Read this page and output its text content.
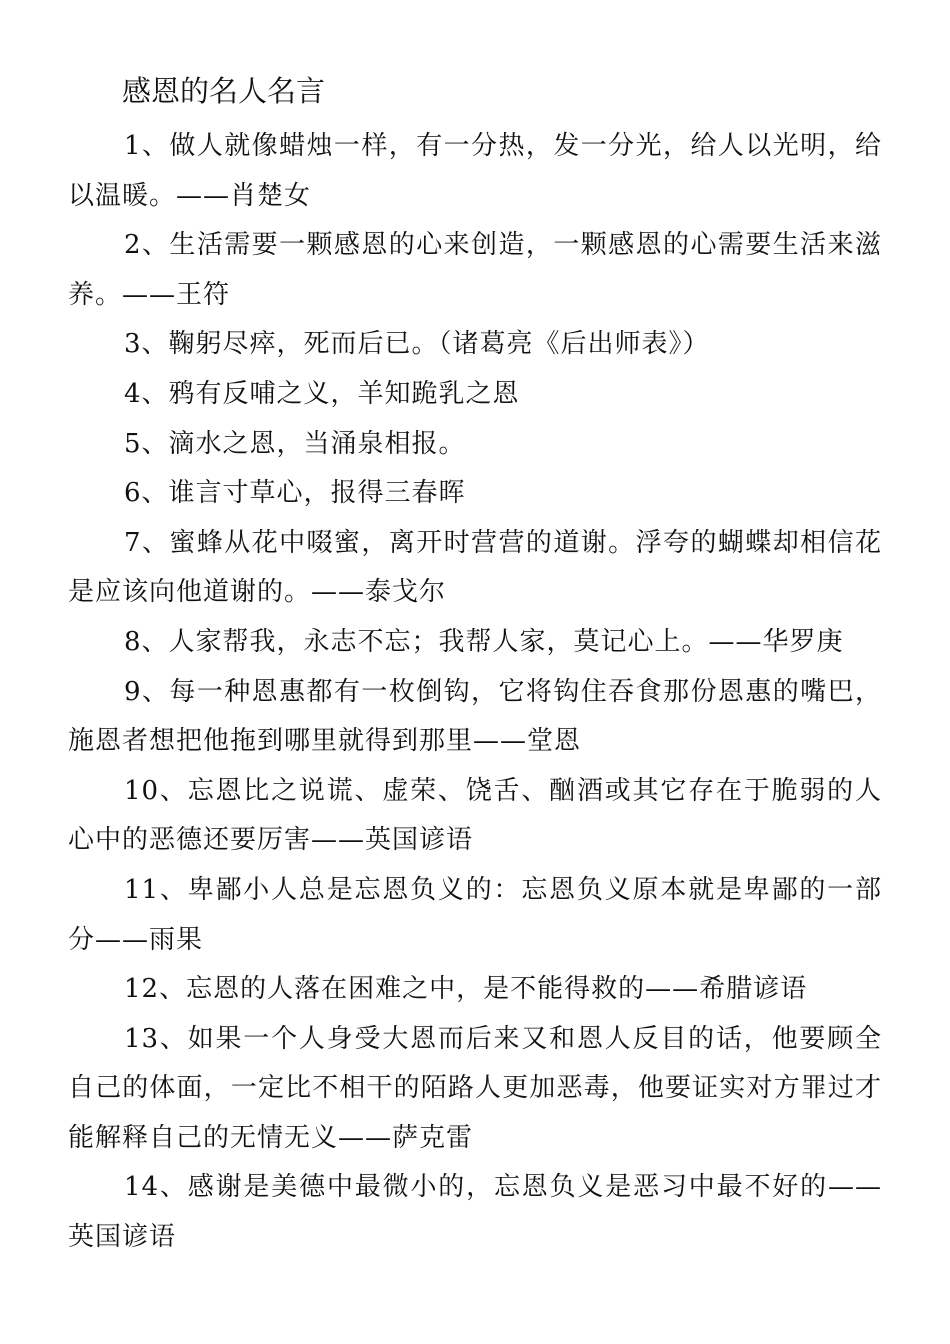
感恩的名人名言

1、做人就像蜡烛一样，有一分热，发一分光，给人以光明，给以温暖。——肖楚女

2、生活需要一颗感恩的心来创造，一颗感恩的心需要生活来滋养。——王符

3、鞠躬尽瘁，死而后已。（诸葛亮《后出师表》）

4、鸦有反哺之义，羊知跪乳之恩

5、滴水之恩，当涌泉相报。

6、谁言寸草心，报得三春晖

7、蜜蜂从花中啜蜜，离开时营营的道谢。浮夸的蝴蝶却相信花是应该向他道谢的。——泰戈尔

8、人家帮我，永志不忘；我帮人家，莫记心上。——华罗庚

9、每一种恩惠都有一枚倒钩，它将钩住吞食那份恩惠的嘴巴，施恩者想把他拖到哪里就得到那里——堂恩

10、忘恩比之说谎、虚荣、饶舌、酗酒或其它存在于脆弱的人心中的恶德还要厉害——英国谚语

11、卑鄙小人总是忘恩负义的：忘恩负义原本就是卑鄙的一部分——雨果

12、忘恩的人落在困难之中，是不能得救的——希腊谚语

13、如果一个人身受大恩而后来又和恩人反目的话，他要顾全自己的体面，一定比不相干的陌路人更加恶毒，他要证实对方罪过才能解释自己的无情无义——萨克雷

14、感谢是美德中最微小的，忘恩负义是恶习中最不好的——英国谚语
